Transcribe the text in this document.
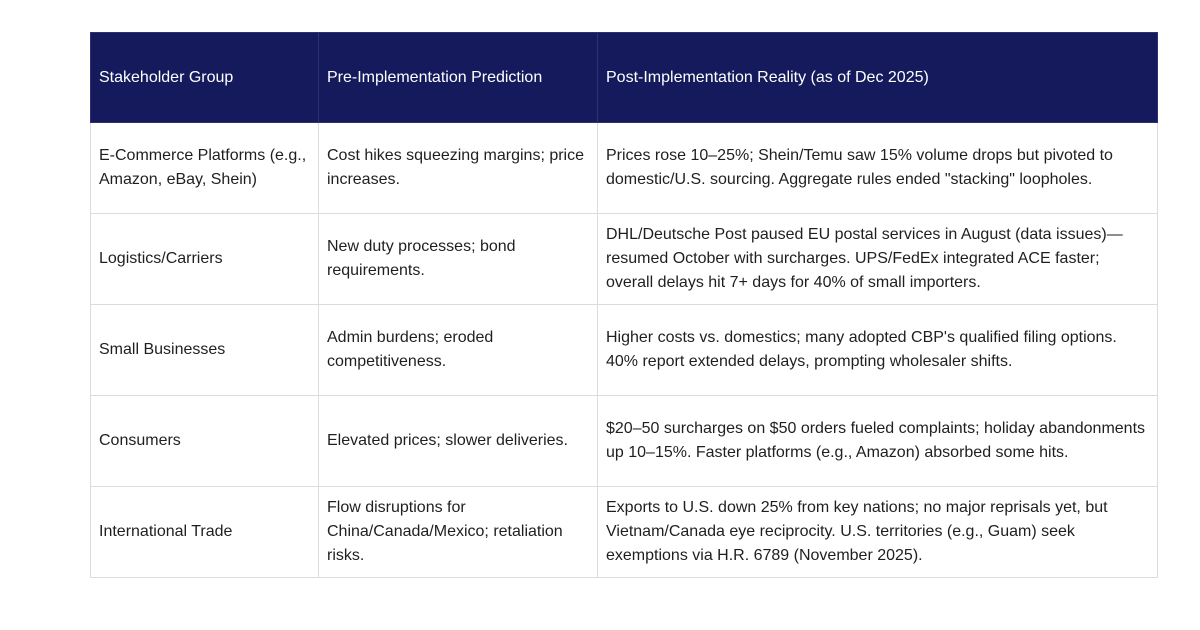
Stakeholder Group	Pre-Implementation Prediction	Post-Implementation Reality (as of Dec 2025)
E-Commerce Platforms (e.g., Amazon, eBay, Shein)	Cost hikes squeezing margins; price increases.	Prices rose 10–25%; Shein/Temu saw 15% volume drops but pivoted to domestic/U.S. sourcing. Aggregate rules ended "stacking" loopholes.
Logistics/Carriers	New duty processes; bond requirements.	DHL/Deutsche Post paused EU postal services in August (data issues)—resumed October with surcharges. UPS/FedEx integrated ACE faster; overall delays hit 7+ days for 40% of small importers.
Small Businesses	Admin burdens; eroded competitiveness.	Higher costs vs. domestics; many adopted CBP's qualified filing options. 40% report extended delays, prompting wholesaler shifts.
Consumers	Elevated prices; slower deliveries.	$20–50 surcharges on $50 orders fueled complaints; holiday abandonments up 10–15%. Faster platforms (e.g., Amazon) absorbed some hits.
International Trade	Flow disruptions for China/Canada/Mexico; retaliation risks.	Exports to U.S. down 25% from key nations; no major reprisals yet, but Vietnam/Canada eye reciprocity. U.S. territories (e.g., Guam) seek exemptions via H.R. 6789 (November 2025).
